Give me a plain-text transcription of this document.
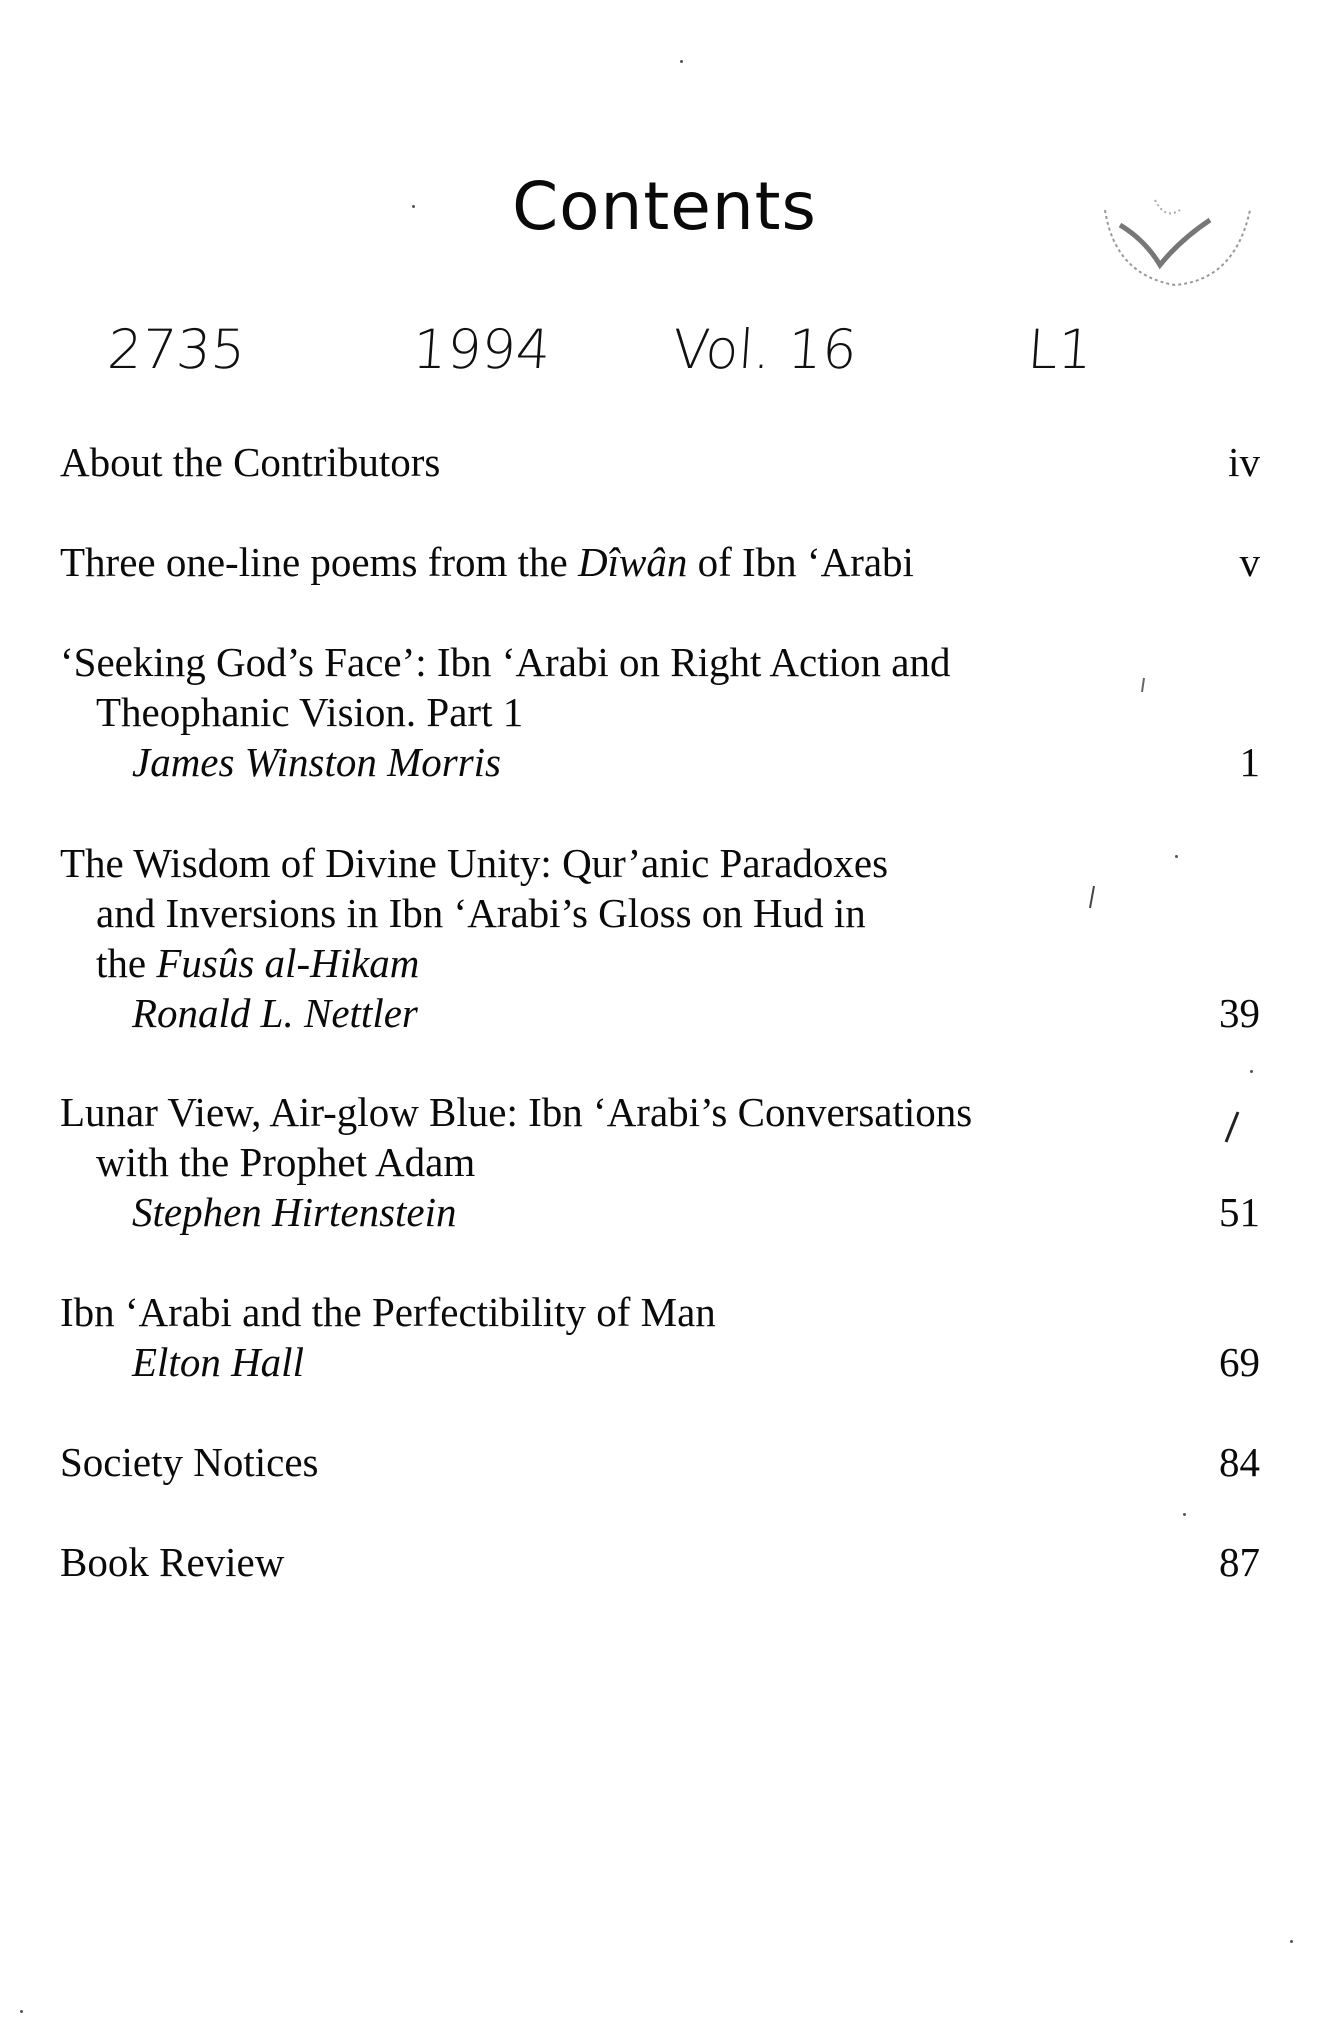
Contents
2735	1994 Vol. 16	L1
About the Contributors	iv
Three one-line poems from the Dîwân of Ibn ‘Arabi	v
‘Seeking God’s Face’: Ibn ‘Arabi on Right Action and
Theophanic Vision. Part 1
James Winston Morris	1
The Wisdom of Divine Unity: Qur’anic Paradoxes
and Inversions in Ibn ‘Arabi’s Gloss on Hud in
the Fusûs al-Hikam
Ronald L. Nettler	39
Lunar View, Air-glow Blue: Ibn ‘Arabi’s Conversations
with the Prophet Adam
Stephen Hirtenstein	51
Ibn ‘Arabi and the Perfectibility of Man
Elton Hall	69
Society Notices	84
Book Review	87
